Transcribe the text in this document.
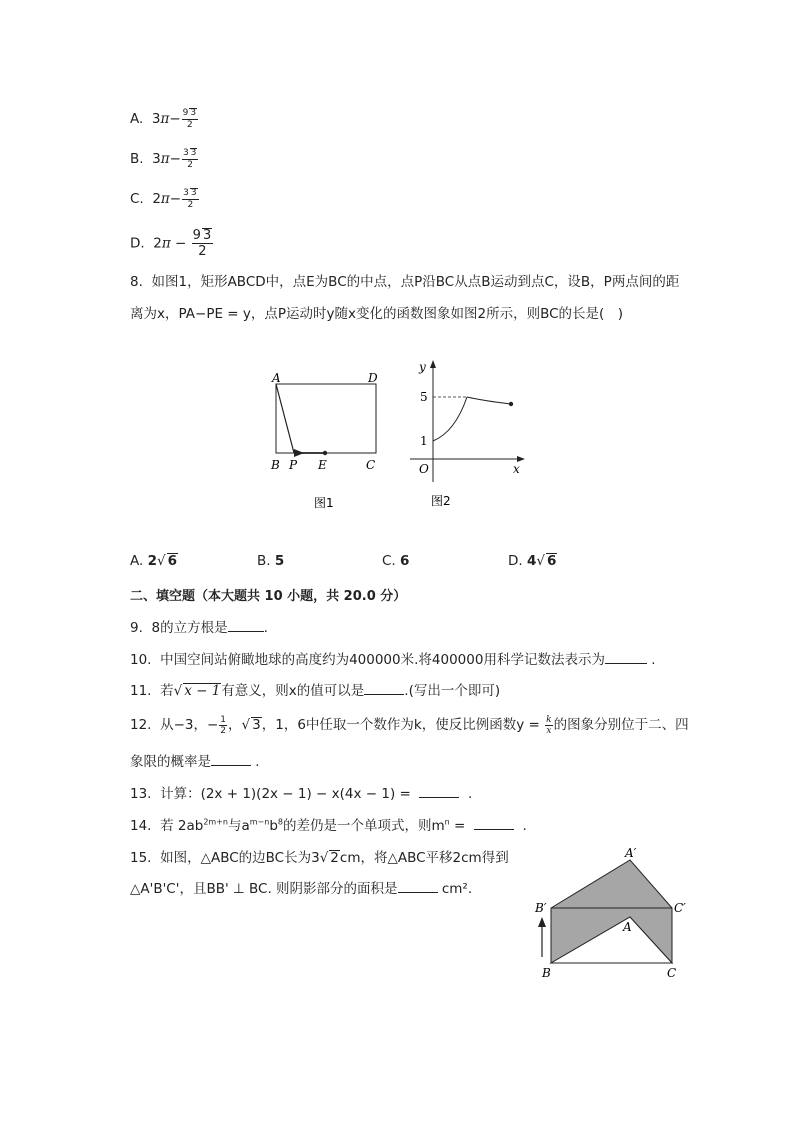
A. $3\pi- \frac{9 3}{2}$
B. $3\pi- \frac{3 3}{2}$
C. $2\pi- \frac{3 3}{2}$
D. $2\pi - \frac{9 3}{2}$
8. 如图1，矩形ABCD中，点E为BC的中点，点P沿BC从点B运动到点C，设B，P两点间的距
离为x，PA−PE = y，点P运动时y随x变化的函数图象如图2所示，则BC的长是(　)
A	D
B P E	C
图1
y
x
O
5
1
图2
A. 2√ 6	B. 5	C. 6	D. 4√ 6
二、填空题（本大题共 10 小题，共 20.0 分）
9. 8的立方根是	.
10. 中国空间站俯瞰地球的高度约为400000米.将400000用科学记数法表示为	.
11. 若√ x − 1有意义，则x的值可以是	.(写出一个即可)
12. 从−3，− $\frac{1}{2}$ ，√ 3，1，6中任取一个数作为k，使反比例函数$y = \frac{k}{x}$ 的图象分别位于二、四
象限的概率是	.
13. 计算：(2x + 1)(2x − 1) − x(4x − 1) =	.
14. 若 $2ab^{2m+n}$与$a^{m-n}b^8$的差仍是一个单项式，则$m^n$ =	.
15. 如图，△ABC的边BC长为3√ 2cm，将△ABC平移2cm得到
△A'B'C'，且BB' ⊥ BC. 则阴影部分的面积是	cm².
A′
B′	C′
A
B	C
